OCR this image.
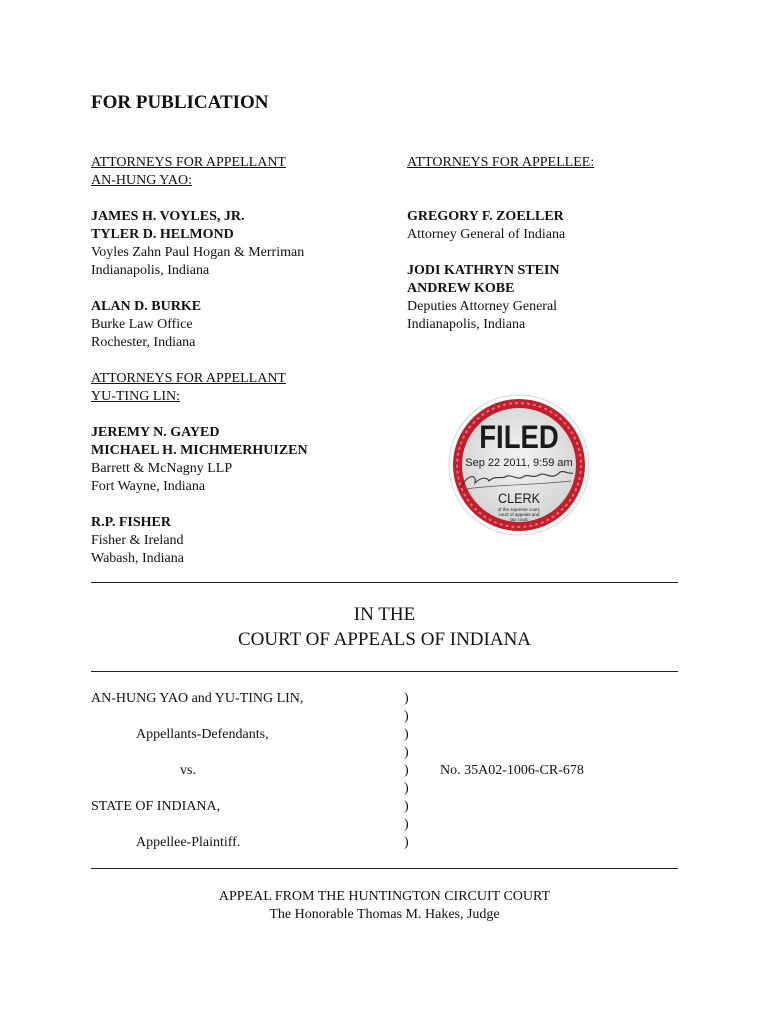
FOR PUBLICATION
ATTORNEYS FOR APPELLANT
AN-HUNG YAO:
JAMES H. VOYLES, JR.
TYLER D. HELMOND
Voyles Zahn Paul Hogan & Merriman
Indianapolis, Indiana
ALAN D. BURKE
Burke Law Office
Rochester, Indiana
ATTORNEYS FOR APPELLANT
YU-TING LIN:
JEREMY N. GAYED
MICHAEL H. MICHMERHUIZEN
Barrett & McNagny LLP
Fort Wayne, Indiana
R.P. FISHER
Fisher & Ireland
Wabash, Indiana
ATTORNEYS FOR APPELLEE:
GREGORY F. ZOELLER
Attorney General of Indiana
JODI KATHRYN STEIN
ANDREW KOBE
Deputies Attorney General
Indianapolis, Indiana
FILED
Sep 22 2011, 9:59 am
CLERK
of the supreme court,
court of appeals and
tax court
IN THE
COURT OF APPEALS OF INDIANA
AN-HUNG YAO and YU-TING LIN,
Appellants-Defendants,
vs.
STATE OF INDIANA,
Appellee-Plaintiff.
)
)
)
)
)
)
)
)
)
No. 35A02-1006-CR-678
APPEAL FROM THE HUNTINGTON CIRCUIT COURT
The Honorable Thomas M. Hakes, Judge
